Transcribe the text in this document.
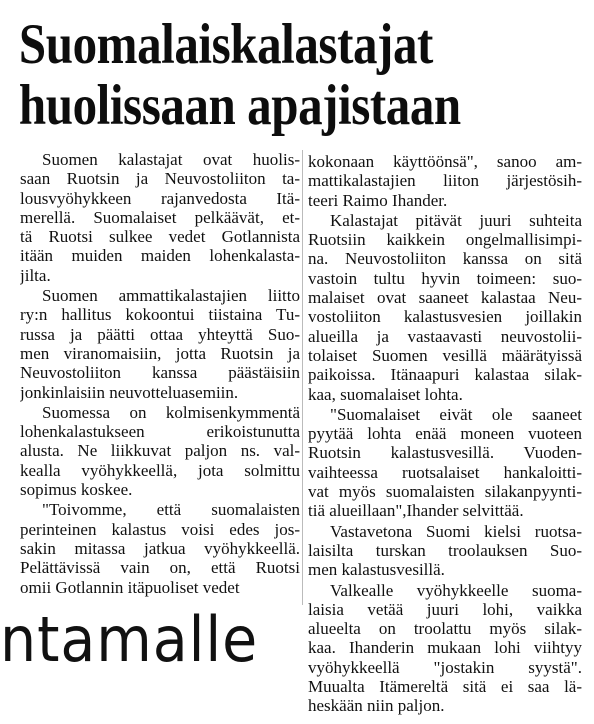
Suomalaiskalastajat
huolissaan apajistaan

Suomen kalastajat ovat huolis-
saan Ruotsin ja Neuvostoliiton ta-
lousvyöhykkeen rajanvedosta Itä-
merellä. Suomalaiset pelkäävät, et-
tä Ruotsi sulkee vedet Gotlannista
itään muiden maiden lohenkalasta-
jilta.

Suomen ammattikalastajien liitto
ry:n hallitus kokoontui tiistaina Tu-
russa ja päätti ottaa yhteyttä Suo-
men viranomaisiin, jotta Ruotsin ja
Neuvostoliiton kanssa päästäisiin
jonkinlaisiin neuvotteluasemiin.

Suomessa on kolmisenkymmentä
lohenkalastukseen erikoistunutta
alusta. Ne liikkuvat paljon ns. val-
kealla vyöhykkeellä, jota solmittu
sopimus koskee.

"Toivomme, että suomalaisten
perinteinen kalastus voisi edes jos-
sakin mitassa jatkua vyöhykkeellä.
Pelättävissä vain on, että Ruotsi
omii Gotlannin itäpuoliset vedet

kokonaan käyttöönsä", sanoo am-
mattikalastajien liiton järjestösih-
teeri Raimo Ihander.

Kalastajat pitävät juuri suhteita
Ruotsiin kaikkein ongelmallisimpi-
na. Neuvostoliiton kanssa on sitä
vastoin tultu hyvin toimeen: suo-
malaiset ovat saaneet kalastaa Neu-
vostoliiton kalastusvesien joillakin
alueilla ja vastaavasti neuvostolii-
tolaiset Suomen vesillä määrätyissä
paikoissa. Itänaapuri kalastaa silak-
kaa, suomalaiset lohta.

"Suomalaiset eivät ole saaneet
pyytää lohta enää moneen vuoteen
Ruotsin kalastusvesillä. Vuoden-
vaihteessa ruotsalaiset hankaloitti-
vat myös suomalaisten silakanpyynti-
tiä alueillaan",Ihander selvittää.

Vastavetona Suomi kielsi ruotsa-
laisilta turskan troolauksen Suo-
men kalastusvesillä.

Valkealle vyöhykkeelle suoma-
laisia vetää juuri lohi, vaikka
alueelta on troolattu myös silak-
kaa. Ihanderin mukaan lohi viihtyy
vyöhykkeellä "jostakin syystä".
Muualta Itämereltä sitä ei saa lä-
heskään niin paljon.

ntamalle
